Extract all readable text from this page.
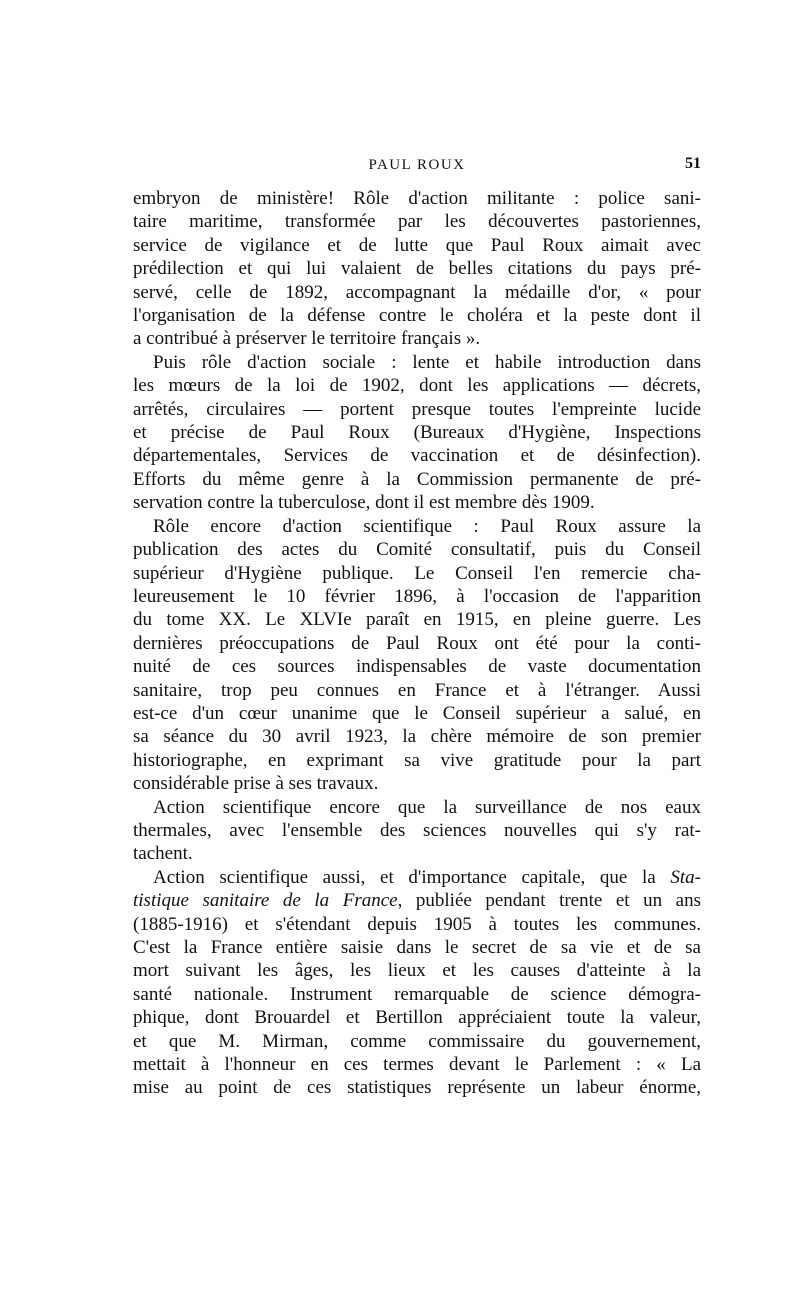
PAUL ROUX	51
embryon de ministère! Rôle d'action militante : police sani-
taire maritime, transformée par les découvertes pastoriennes,
service de vigilance et de lutte que Paul Roux aimait avec
prédilection et qui lui valaient de belles citations du pays pré-
servé, celle de 1892, accompagnant la médaille d'or, « pour
l'organisation de la défense contre le choléra et la peste dont il
a contribué à préserver le territoire français ».
Puis rôle d'action sociale : lente et habile introduction dans
les mœurs de la loi de 1902, dont les applications — décrets,
arrêtés, circulaires — portent presque toutes l'empreinte lucide
et précise de Paul Roux (Bureaux d'Hygiène, Inspections
départementales, Services de vaccination et de désinfection).
Efforts du même genre à la Commission permanente de pré-
servation contre la tuberculose, dont il est membre dès 1909.
Rôle encore d'action scientifique : Paul Roux assure la
publication des actes du Comité consultatif, puis du Conseil
supérieur d'Hygiène publique. Le Conseil l'en remercie cha-
leureusement le 10 février 1896, à l'occasion de l'apparition
du tome XX. Le XLVIe paraît en 1915, en pleine guerre. Les
dernières préoccupations de Paul Roux ont été pour la conti-
nuité de ces sources indispensables de vaste documentation
sanitaire, trop peu connues en France et à l'étranger. Aussi
est-ce d'un cœur unanime que le Conseil supérieur a salué, en
sa séance du 30 avril 1923, la chère mémoire de son premier
historiographe, en exprimant sa vive gratitude pour la part
considérable prise à ses travaux.
Action scientifique encore que la surveillance de nos eaux
thermales, avec l'ensemble des sciences nouvelles qui s'y rat-
tachent.
Action scientifique aussi, et d'importance capitale, que la Sta-
tistique sanitaire de la France, publiée pendant trente et un ans
(1885-1916) et s'étendant depuis 1905 à toutes les communes.
C'est la France entière saisie dans le secret de sa vie et de sa
mort suivant les âges, les lieux et les causes d'atteinte à la
santé nationale. Instrument remarquable de science démogra-
phique, dont Brouardel et Bertillon appréciaient toute la valeur,
et que M. Mirman, comme commissaire du gouvernement,
mettait à l'honneur en ces termes devant le Parlement : « La
mise au point de ces statistiques représente un labeur énorme,
